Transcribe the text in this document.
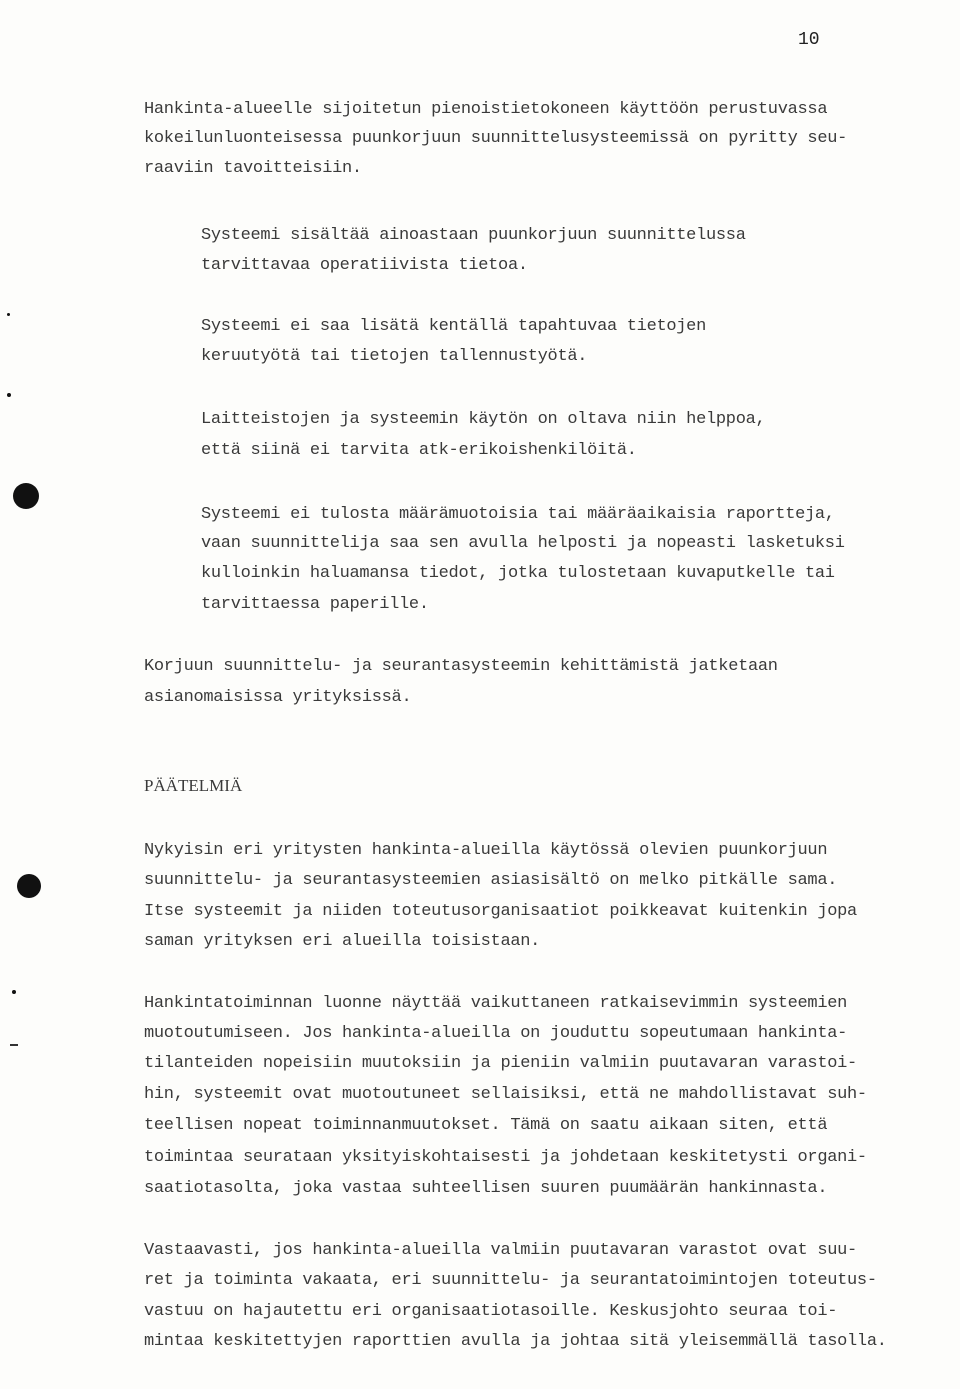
10
Hankinta-alueelle sijoitetun pienoistietokoneen käyttöön perustuvassa
kokeilunluonteisessa puunkorjuun suunnittelusysteemissä on pyritty seu-
raaviin tavoitteisiin.
Systeemi sisältää ainoastaan puunkorjuun suunnittelussa
tarvittavaa operatiivista tietoa.
Systeemi ei saa lisätä kentällä tapahtuvaa tietojen
keruutyötä tai tietojen tallennustyötä.
Laitteistojen ja systeemin käytön on oltava niin helppoa,
että siinä ei tarvita atk-erikoishenkilöitä.
Systeemi ei tulosta määrämuotoisia tai määräaikaisia raportteja,
vaan suunnittelija saa sen avulla helposti ja nopeasti lasketuksi
kulloinkin haluamansa tiedot, jotka tulostetaan kuvaputkelle tai
tarvittaessa paperille.
Korjuun suunnittelu- ja seurantasysteemin kehittämistä jatketaan
asianomaisissa yrityksissä.
PÄÄTELMIÄ
Nykyisin eri yritysten hankinta-alueilla käytössä olevien puunkorjuun
suunnittelu- ja seurantasysteemien asiasisältö on melko pitkälle sama.
Itse systeemit ja niiden toteutusorganisaatiot poikkeavat kuitenkin jopa
saman yrityksen eri alueilla toisistaan.
Hankintatoiminnan luonne näyttää vaikuttaneen ratkaisevimmin systeemien
muotoutumiseen. Jos hankinta-alueilla on jouduttu sopeutumaan hankinta-
tilanteiden nopeisiin muutoksiin ja pieniin valmiin puutavaran varastoi-
hin, systeemit ovat muotoutuneet sellaisiksi, että ne mahdollistavat suh-
teellisen nopeat toiminnanmuutokset. Tämä on saatu aikaan siten, että
toimintaa seurataan yksityiskohtaisesti ja johdetaan keskitetysti organi-
saatiotasolta, joka vastaa suhteellisen suuren puumäärän hankinnasta.
Vastaavasti, jos hankinta-alueilla valmiin puutavaran varastot ovat suu-
ret ja toiminta vakaata, eri suunnittelu- ja seurantatoimintojen toteutus-
vastuu on hajautettu eri organisaatiotasoille. Keskusjohto seuraa toi-
mintaa keskitettyjen raporttien avulla ja johtaa sitä yleisemmällä tasolla.
